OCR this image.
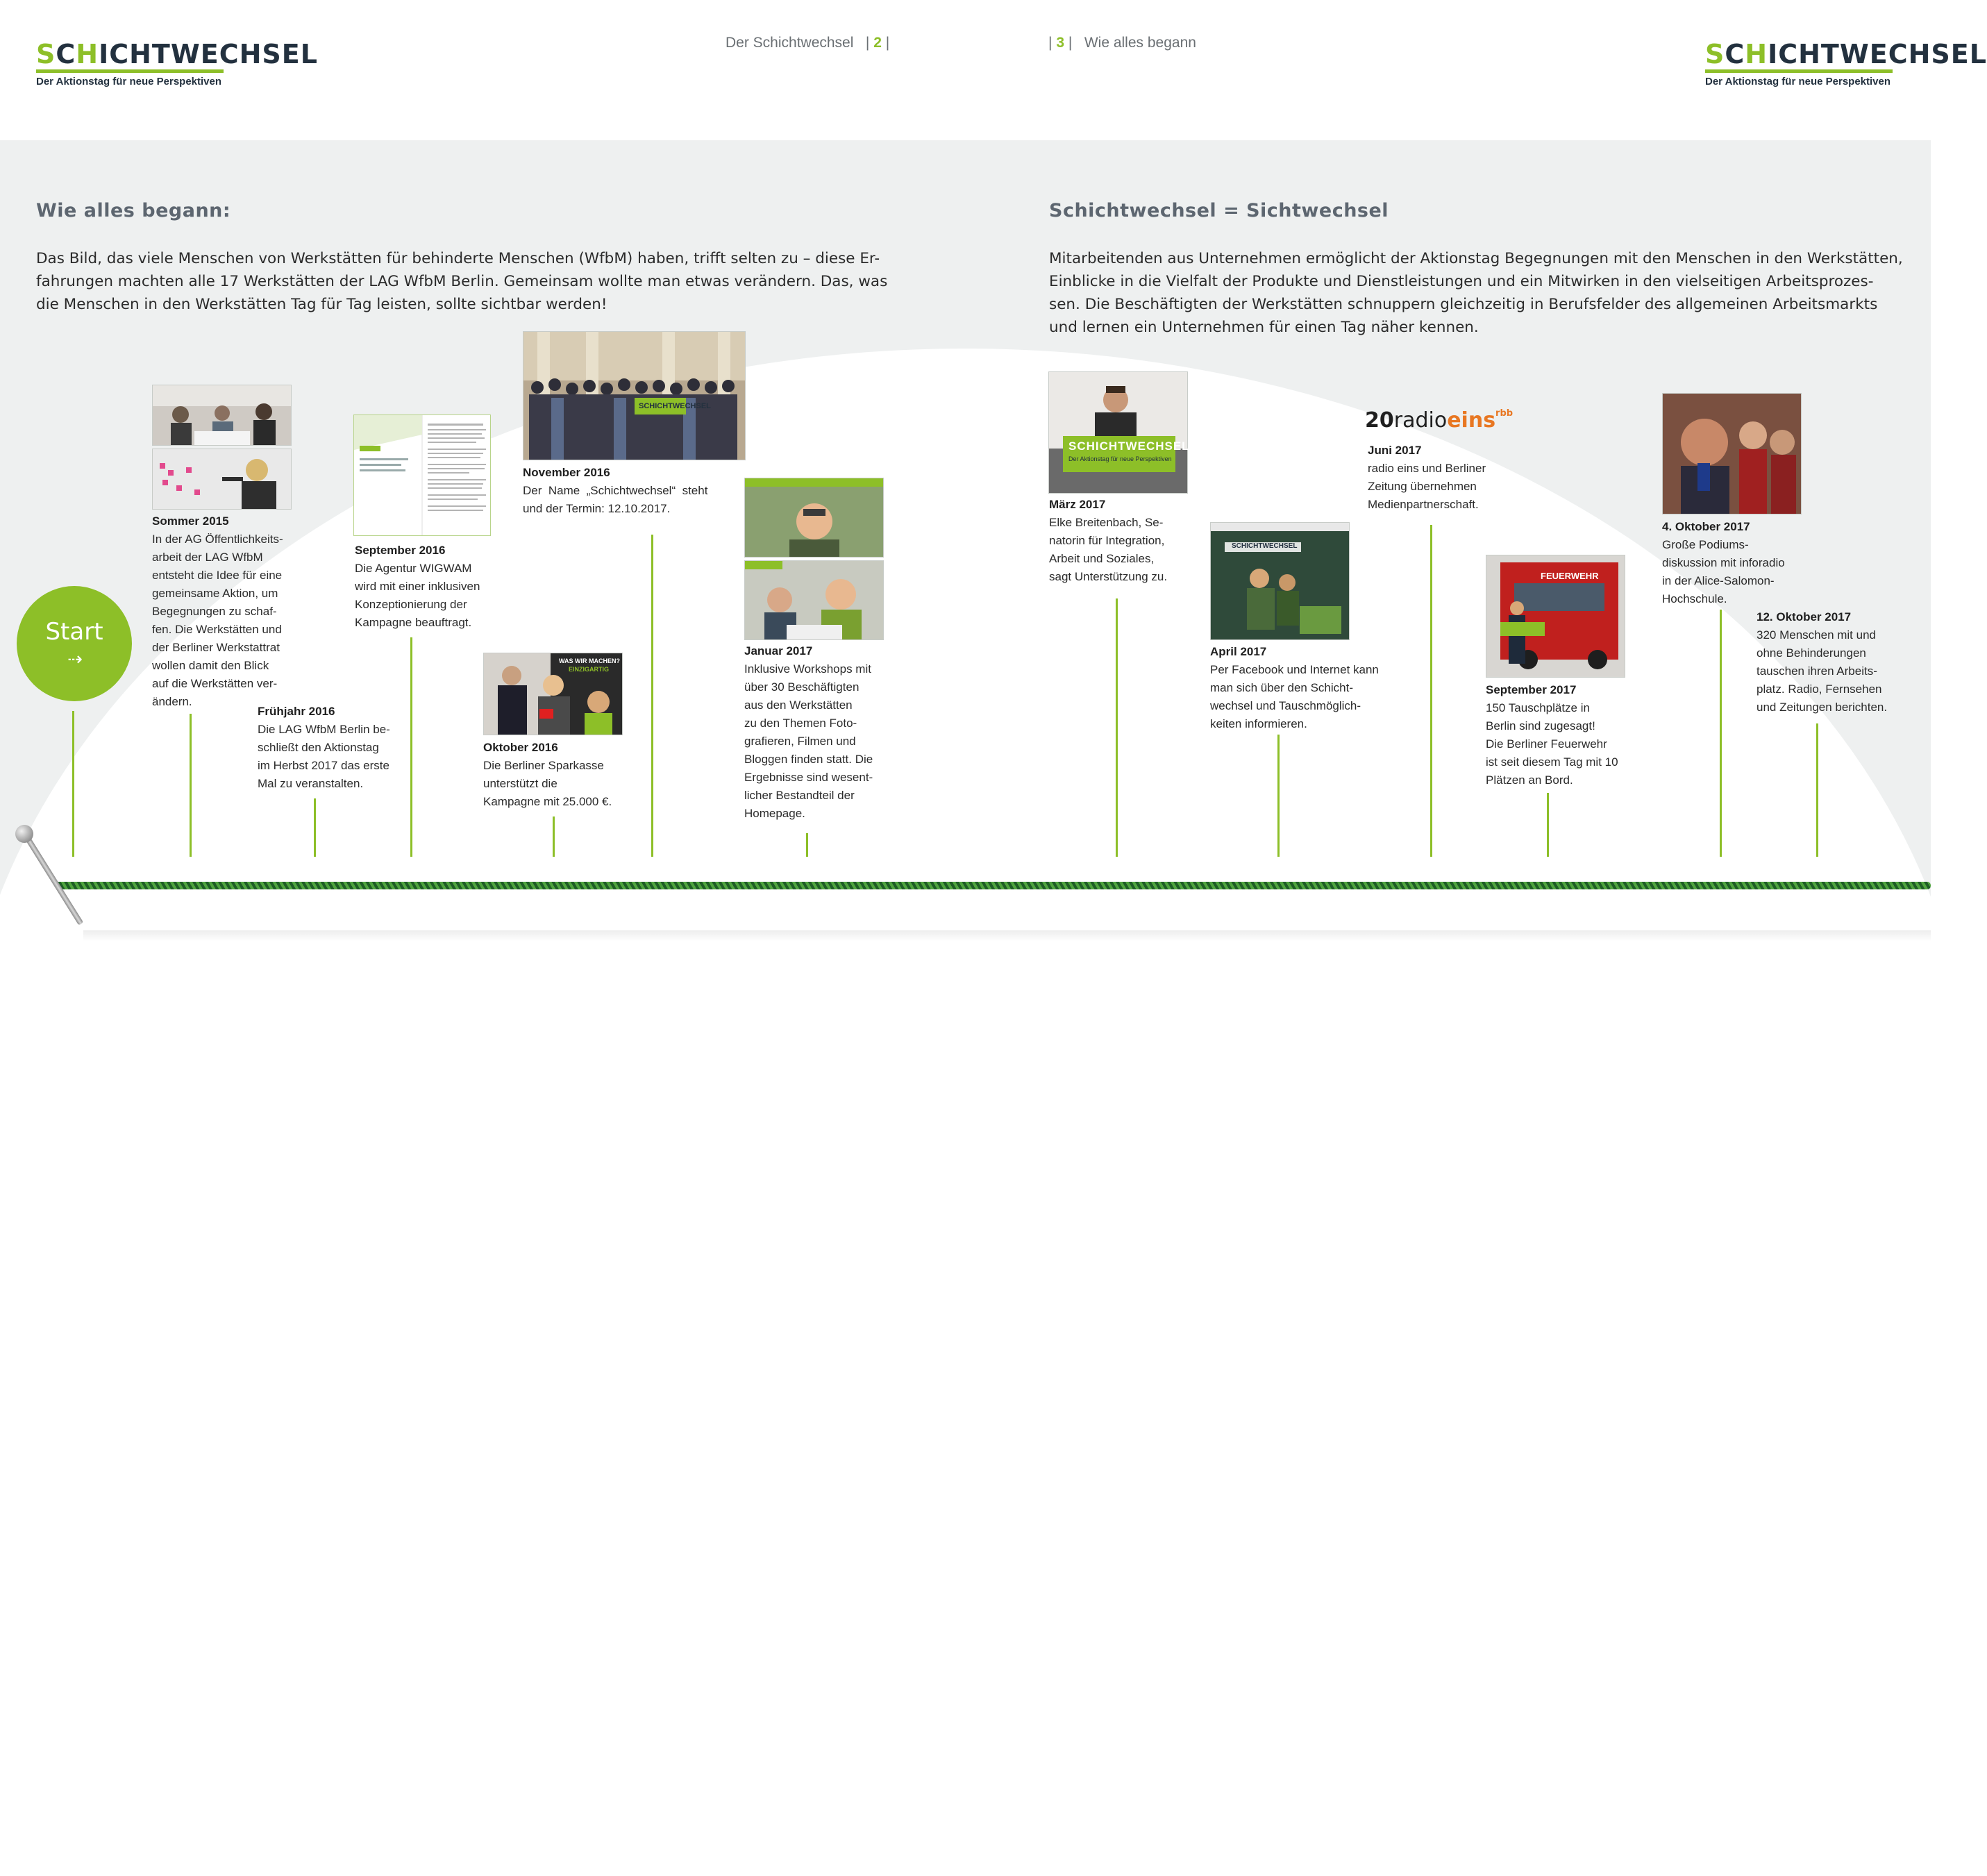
SCHICHTWECHSEL
Der Aktionstag für neue Perspektiven
SCHICHTWECHSEL
Der Aktionstag für neue Perspektiven
Der Schichtwechsel | 2 |	| 3 | Wie alles begann
Wie alles begann:	Schichtwechsel = Sichtwechsel

Das Bild, das viele Menschen von Werkstätten für behinderte Menschen (WfbM) haben, trifft selten zu – diese Er-

fahrungen machten alle 17 Werkstätten der LAG WfbM Berlin. Gemeinsam wollte man etwas verändern. Das, was

die Menschen in den Werkstätten Tag für Tag leisten, sollte sichtbar werden!

Mitarbeitenden aus Unternehmen ermöglicht der Aktionstag Begegnungen mit den Menschen in den Werkstätten,

Einblicke in die Vielfalt der Produkte und Dienstleistungen und ein Mitwirken in den vielseitigen Arbeitsprozes-

sen. Die Beschäftigten der Werkstätten schnuppern gleichzeitig in Berufsfelder des allgemeinen Arbeitsmarkts

und lernen ein Unternehmen für einen Tag näher kennen.

SCHICHTWECHSEL
WAS WIR MACHEN?
EINZIGARTIG
SCHICHTWECHSEL
Der Aktionstag für neue Perspektiven
SCHICHTWECHSEL
20radioeins$^{rbb}$
FEUERWEHR
Sommer 2015
In der AG Öffentlichkeits-
arbeit der LAG WfbM
entsteht die Idee für eine
gemeinsame Aktion, um
Begegnungen zu schaf-
fen. Die Werkstätten und
der Berliner Werkstattrat
wollen damit den Blick
auf die Werkstätten ver-
ändern.
Frühjahr 2016
Die LAG WfbM Berlin be-
schließt den Aktionstag
im Herbst 2017 das erste
Mal zu veranstalten.
September 2016
Die Agentur WIGWAM
wird mit einer inklusiven
Konzeptionierung der
Kampagne beauftragt.
Oktober 2016
Die Berliner Sparkasse
unterstützt die
Kampagne mit 25.000 €.
November 2016
Der  Name  „Schichtwechsel“  steht
und der Termin: 12.10.2017.
Januar 2017
Inklusive Workshops mit
über 30 Beschäftigten
aus den Werkstätten
zu den Themen Foto-
grafieren, Filmen und
Bloggen finden statt. Die
Ergebnisse sind wesent-
licher Bestandteil der
Homepage.
März 2017
Elke Breitenbach, Se-
natorin für Integration,
Arbeit und Soziales,
sagt Unterstützung zu.
April 2017
Per Facebook und Internet kann
man sich über den Schicht-
wechsel und Tauschmöglich-
keiten informieren.
Juni 2017
radio eins und Berliner
Zeitung übernehmen
Medienpartnerschaft.
September 2017
150 Tauschplätze in
Berlin sind zugesagt!
Die Berliner Feuerwehr
ist seit diesem Tag mit 10
Plätzen an Bord.
4. Oktober 2017
Große Podiums-
diskussion mit inforadio
in der Alice-Salomon-
Hochschule.
12. Oktober 2017
320 Menschen mit und
ohne Behinderungen
tauschen ihren Arbeits-
platz. Radio, Fernsehen
und Zeitungen berichten.
Start
⇢
